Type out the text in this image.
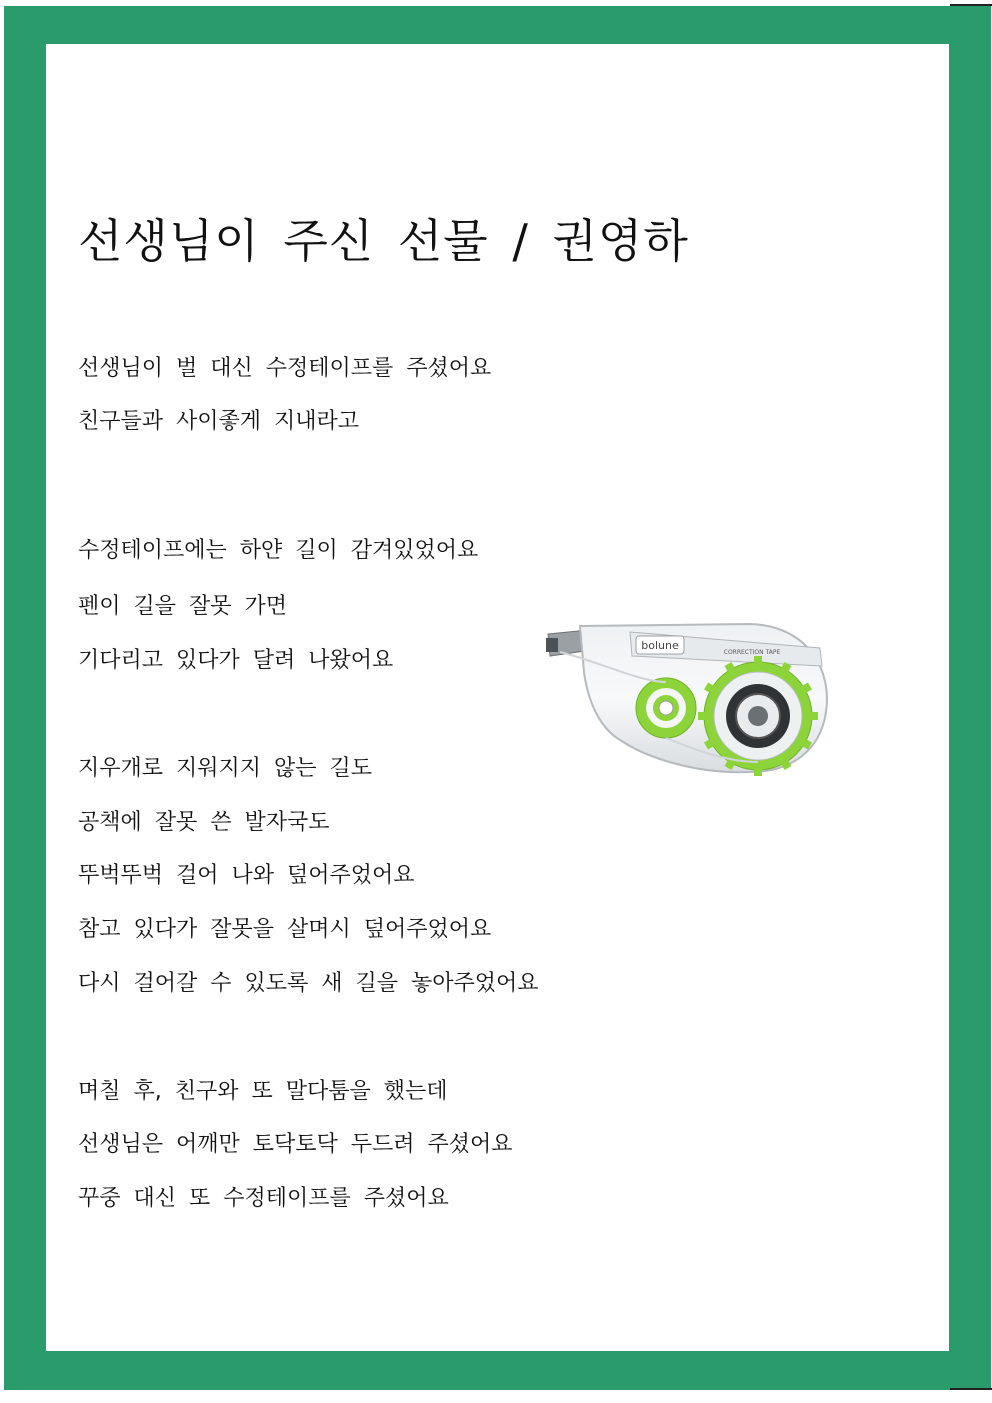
선생님이 주신 선물 / 권영하
선생님이 벌 대신 수정테이프를 주셨어요
친구들과 사이좋게 지내라고
수정테이프에는 하얀 길이 감겨있었어요
펜이 길을 잘못 가면
기다리고 있다가 달려 나왔어요
지우개로 지워지지 않는 길도
공책에 잘못 쓴 발자국도
뚜벅뚜벅 걸어 나와 덮어주었어요
참고 있다가 잘못을 살며시 덮어주었어요
다시 걸어갈 수 있도록 새 길을 놓아주었어요
며칠 후, 친구와 또 말다툼을 했는데
선생님은 어깨만 토닥토닥 두드려 주셨어요
꾸중 대신 또 수정테이프를 주셨어요
bolune
CORRECTION TAPE
